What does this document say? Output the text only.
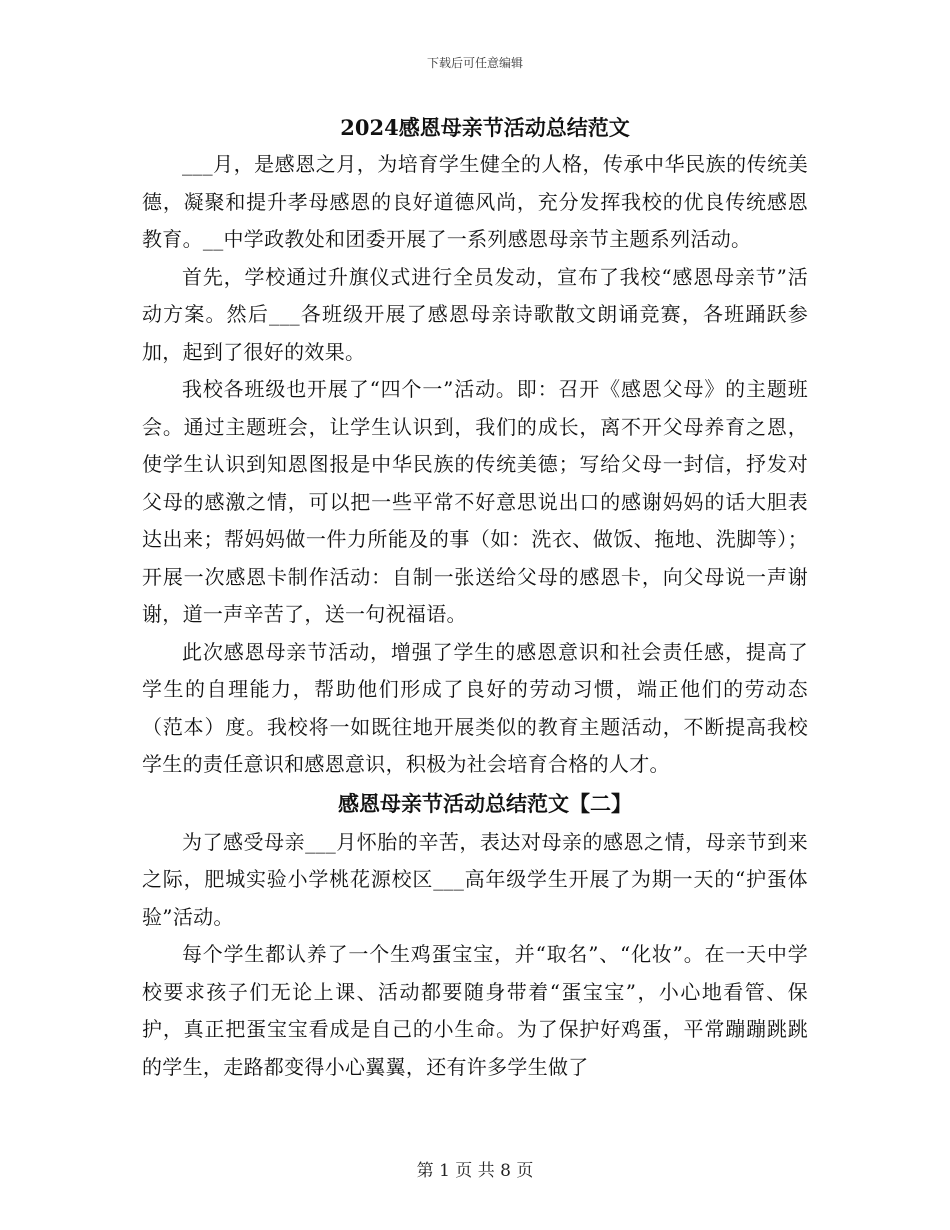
下载后可任意编辑
2024感恩母亲节活动总结范文

___月，是感恩之月，为培育学生健全的人格，传承中华民族的传统美德，凝聚和提升孝母感恩的良好道德风尚，充分发挥我校的优良传统感恩教育。__中学政教处和团委开展了一系列感恩母亲节主题系列活动。

首先，学校通过升旗仪式进行全员发动，宣布了我校“感恩母亲节”活动方案。然后___各班级开展了感恩母亲诗歌散文朗诵竞赛，各班踊跃参加，起到了很好的效果。

我校各班级也开展了“四个一”活动。即：召开《感恩父母》的主题班会。通过主题班会，让学生认识到，我们的成长，离不开父母养育之恩，使学生认识到知恩图报是中华民族的传统美德；写给父母一封信，抒发对父母的感激之情，可以把一些平常不好意思说出口的感谢妈妈的话大胆表达出来；帮妈妈做一件力所能及的事（如：洗衣、做饭、拖地、洗脚等）；开展一次感恩卡制作活动：自制一张送给父母的感恩卡，向父母说一声谢谢，道一声辛苦了，送一句祝福语。

此次感恩母亲节活动，增强了学生的感恩意识和社会责任感，提高了学生的自理能力，帮助他们形成了良好的劳动习惯，端正他们的劳动态（范本）度。我校将一如既往地开展类似的教育主题活动，不断提高我校学生的责任意识和感恩意识，积极为社会培育合格的人才。

感恩母亲节活动总结范文【二】

为了感受母亲___月怀胎的辛苦，表达对母亲的感恩之情，母亲节到来之际，肥城实验小学桃花源校区___高年级学生开展了为期一天的“护蛋体验”活动。

每个学生都认养了一个生鸡蛋宝宝，并“取名”、“化妆”。在一天中学校要求孩子们无论上课、活动都要随身带着“蛋宝宝”，小心地看管、保护，真正把蛋宝宝看成是自己的小生命。为了保护好鸡蛋，平常蹦蹦跳跳的学生，走路都变得小心翼翼，还有许多学生做了

第 1 页 共 8 页
